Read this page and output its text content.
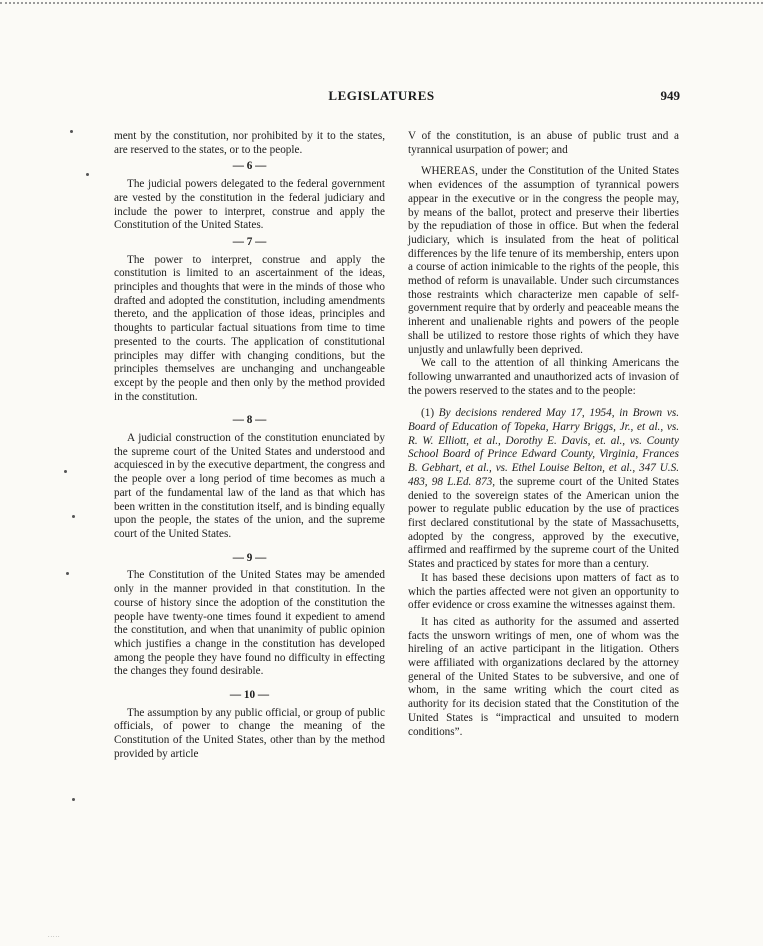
LEGISLATURES	949

ment by the constitution, nor prohibited by it to the states, are reserved to the states, or to the people.

— 6 —

The judicial powers delegated to the federal government are vested by the constitution in the federal judiciary and include the power to interpret, construe and apply the Constitution of the United States.

— 7 —

The power to interpret, construe and apply the constitution is limited to an ascertainment of the ideas, principles and thoughts that were in the minds of those who drafted and adopted the constitution, including amendments thereto, and the application of those ideas, principles and thoughts to particular factual situations from time to time presented to the courts. The application of constitutional principles may differ with changing conditions, but the principles themselves are unchanging and unchangeable except by the people and then only by the method provided in the constitution.

— 8 —

A judicial construction of the constitution enunciated by the supreme court of the United States and understood and acquiesced in by the executive department, the congress and the people over a long period of time becomes as much a part of the fundamental law of the land as that which has been written in the constitution itself, and is binding equally upon the people, the states of the union, and the supreme court of the United States.

— 9 —

The Constitution of the United States may be amended only in the manner provided in that constitution. In the course of history since the adoption of the constitution the people have twenty-one times found it expedient to amend the constitution, and when that unanimity of public opinion which justifies a change in the constitution has developed among the people they have found no difficulty in effecting the changes they found desirable.

— 10 —

The assumption by any public official, or group of public officials, of power to change the meaning of the Constitution of the United States, other than by the method provided by article

V of the constitution, is an abuse of public trust and a tyrannical usurpation of power; and

WHEREAS, under the Constitution of the United States when evidences of the assumption of tyrannical powers appear in the executive or in the congress the people may, by means of the ballot, protect and preserve their liberties by the repudiation of those in office. But when the federal judiciary, which is insulated from the heat of political differences by the life tenure of its membership, enters upon a course of action inimicable to the rights of the people, this method of reform is unavailable. Under such circumstances those restraints which characterize men capable of self-government require that by orderly and peaceable means the inherent and unalienable rights and powers of the people shall be utilized to restore those rights of which they have unjustly and unlawfully been deprived.

We call to the attention of all thinking Americans the following unwarranted and unauthorized acts of invasion of the powers reserved to the states and to the people:

(1) By decisions rendered May 17, 1954, in Brown vs. Board of Education of Topeka, Harry Briggs, Jr., et al., vs. R. W. Elliott, et al., Dorothy E. Davis, et. al., vs. County School Board of Prince Edward County, Virginia, Frances B. Gebhart, et al., vs. Ethel Louise Belton, et al., 347 U.S. 483, 98 L.Ed. 873, the supreme court of the United States denied to the sovereign states of the American union the power to regulate public education by the use of practices first declared constitutional by the state of Massachusetts, adopted by the congress, approved by the executive, affirmed and reaffirmed by the supreme court of the United States and practiced by states for more than a century.

It has based these decisions upon matters of fact as to which the parties affected were not given an opportunity to offer evidence or cross examine the witnesses against them.

It has cited as authority for the assumed and asserted facts the unsworn writings of men, one of whom was the hireling of an active participant in the litigation. Others were affiliated with organizations declared by the attorney general of the United States to be subversive, and one of whom, in the same writing which the court cited as authority for its decision stated that the Constitution of the United States is “impractical and unsuited to modern conditions”.

.....
